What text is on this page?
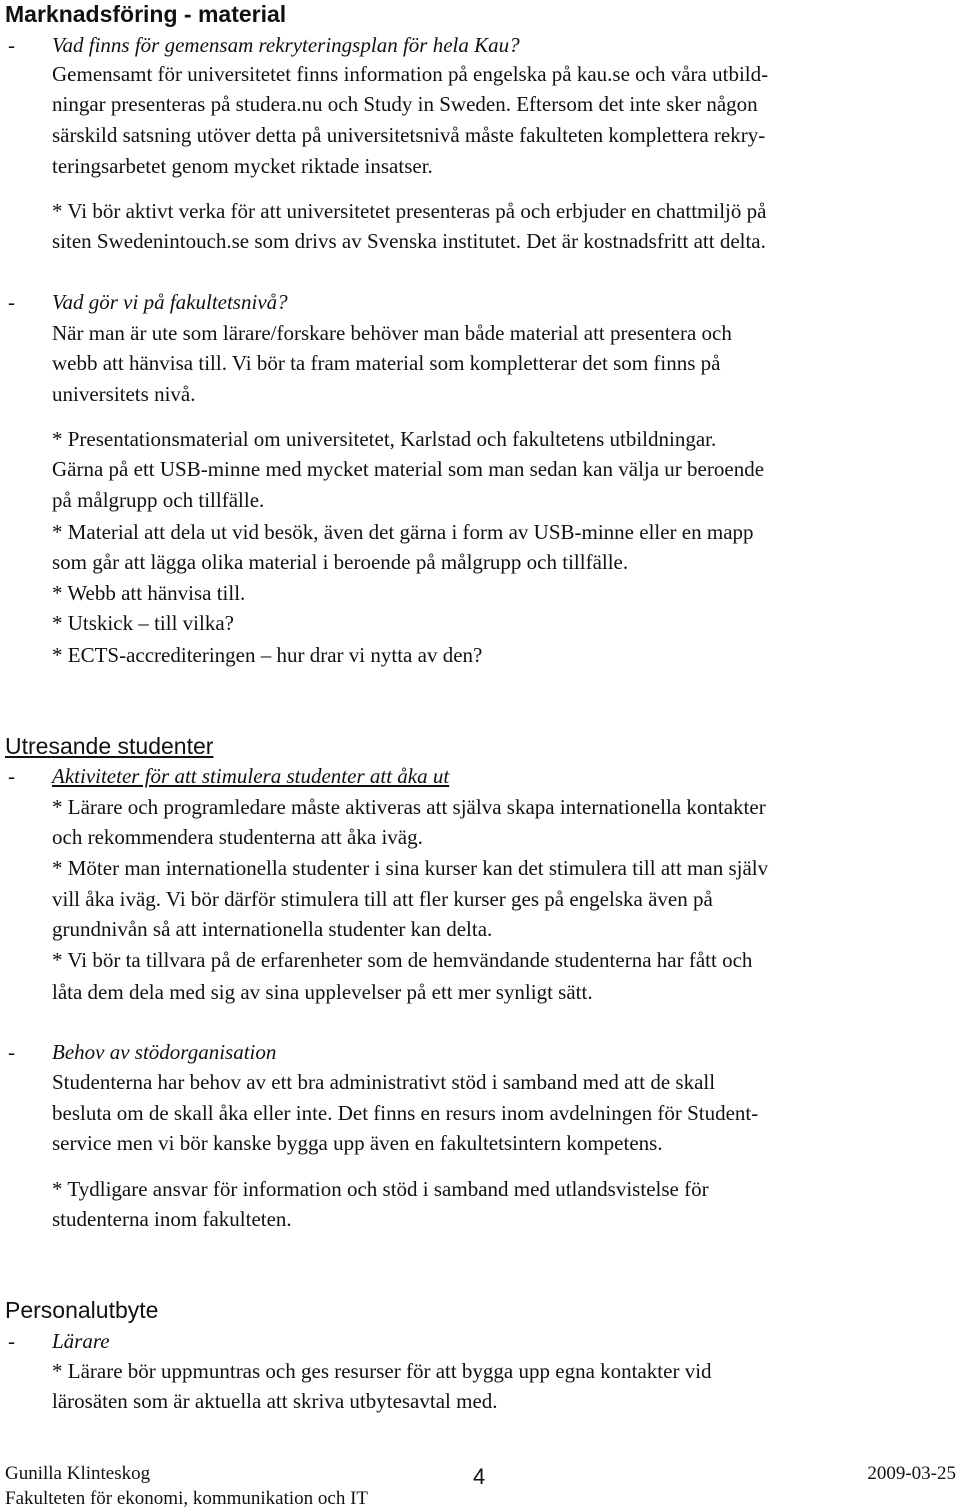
Marknadsföring - material
- Vad finns för gemensam rekryteringsplan för hela Kau?
Gemensamt för universitetet finns information på engelska på kau.se och våra utbild-
ningar presenteras på studera.nu och Study in Sweden. Eftersom det inte sker någon
särskild satsning utöver detta på universitetsnivå måste fakulteten komplettera rekry-
teringsarbetet genom mycket riktade insatser.
* Vi bör aktivt verka för att universitetet presenteras på och erbjuder en chattmiljö på
siten Swedenintouch.se som drivs av Svenska institutet. Det är kostnadsfritt att delta.
- Vad gör vi på fakultetsnivå?
När man är ute som lärare/forskare behöver man både material att presentera och
webb att hänvisa till. Vi bör ta fram material som kompletterar det som finns på
universitets nivå.
* Presentationsmaterial om universitetet, Karlstad och fakultetens utbildningar.
Gärna på ett USB-minne med mycket material som man sedan kan välja ur beroende
på målgrupp och tillfälle.
* Material att dela ut vid besök, även det gärna i form av USB-minne eller en mapp
som går att lägga olika material i beroende på målgrupp och tillfälle.
* Webb att hänvisa till.
* Utskick – till vilka?
* ECTS-accrediteringen – hur drar vi nytta av den?
Utresande studenter
- Aktiviteter för att stimulera studenter att åka ut
* Lärare och programledare måste aktiveras att själva skapa internationella kontakter
och rekommendera studenterna att åka iväg.
* Möter man internationella studenter i sina kurser kan det stimulera till att man själv
vill åka iväg. Vi bör därför stimulera till att fler kurser ges på engelska även på
grundnivån så att internationella studenter kan delta.
* Vi bör ta tillvara på de erfarenheter som de hemvändande studenterna har fått och
låta dem dela med sig av sina upplevelser på ett mer synligt sätt.
- Behov av stödorganisation
Studenterna har behov av ett bra administrativt stöd i samband med att de skall
besluta om de skall åka eller inte. Det finns en resurs inom avdelningen för Student-
service men vi bör kanske bygga upp även en fakultetsintern kompetens.
* Tydligare ansvar för information och stöd i samband med utlandsvistelse för
studenterna inom fakulteten.
Personalutbyte
- Lärare
* Lärare bör uppmuntras och ges resurser för att bygga upp egna kontakter vid
lärosäten som är aktuella att skriva utbytesavtal med.
Gunilla Klinteskog
Fakulteten för ekonomi, kommunikation och IT
4	2009-03-25
